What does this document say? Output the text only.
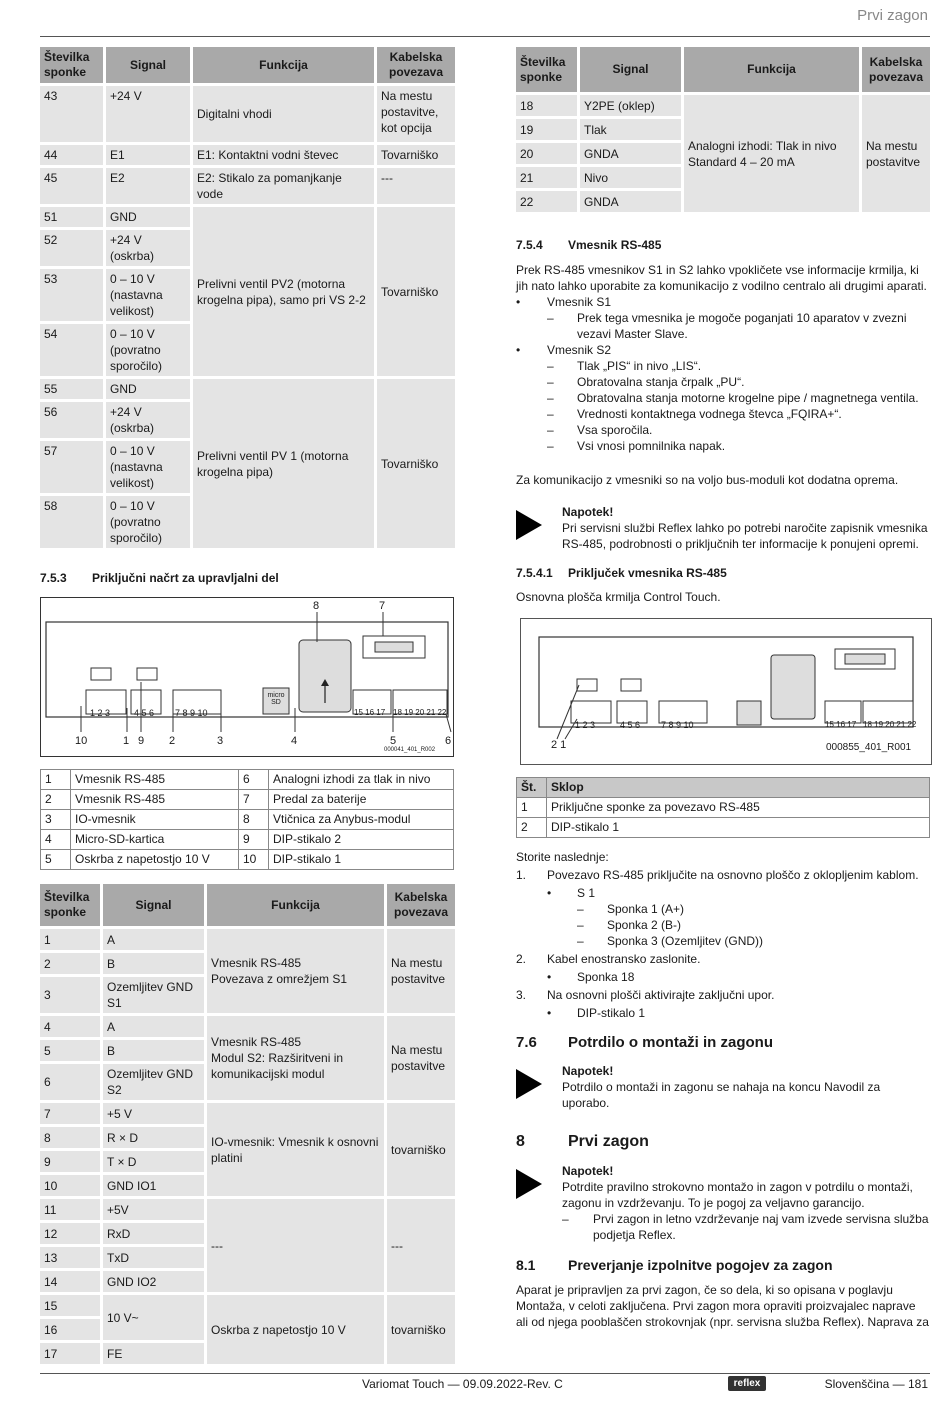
Prvi zagon
Številka sponke	Signal	Funkcija	Kabelska povezava
43	+24 V	Digitalni vhodi	Na mestu postavitve, kot opcija
44	E1	E1: Kontaktni vodni števec	Tovarniško
45	E2	E2: Stikalo za pomanjkanje vode	---
51	GND	Prelivni ventil PV2 (motorna krogelna pipa), samo pri VS 2-2	Tovarniško
52	+24 V (oskrba)		
53	0 – 10 V (nastavna velikost)		
54	0 – 10 V (povratno sporočilo)		
55	GND	Prelivni ventil PV 1 (motorna krogelna pipa)	Tovarniško
56	+24 V (oskrba)		
57	0 – 10 V (nastavna velikost)		
58	0 – 10 V (povratno sporočilo)		
7.5.3	Priključni načrt za upravljalni del
8	7
1 2 3	4 5 6 7 8 9 10	15 16 17 18 19 20 21 22
micro SD
10	1 9 2	3	4	5	6
000041_401_R002
1	Vmesnik RS-485	6	Analogni izhodi za tlak in nivo
2	Vmesnik RS-485	7	Predal za baterije
3	IO-vmesnik	8	Vtičnica za Anybus-modul
4	Micro-SD-kartica	9	DIP-stikalo 2
5	Oskrba z napetostjo 10 V	10	DIP-stikalo 1
Številka sponke	Signal	Funkcija	Kabelska povezava
1	A	Vmesnik RS-485
Povezava z omrežjem S1	Na mestu postavitve
2	B		
3	Ozemljitev GND S1		
4	A	Vmesnik RS-485
Modul S2: Razširitveni in komunikacijski modul	Na mestu postavitve
5	B		
6	Ozemljitev GND S2		
7	+5 V	IO-vmesnik: Vmesnik k osnovni platini	tovarniško
8	R × D		
9	T × D		
10	GND IO1		
11	+5V	---	---
12	RxD		
13	TxD		
14	GND IO2		
15	10 V~	Oskrba z napetostjo 10 V	tovarniško
16			
17	FE		
Številka sponke	Signal	Funkcija	Kabelska povezava
18	Y2PE (oklep)	Analogni izhodi: Tlak in nivo Standard 4 – 20 mA	Na mestu postavitve
19	Tlak		
20	GNDA		
21	Nivo		
22	GNDA		
7.5.4	Vmesnik RS-485

Prek RS-485 vmesnikov S1 in S2 lahko vpokličete vse informacije krmilja, ki jih nato lahko uporabite za komunikacijo z vodilno centralo ali drugimi aparati.

• Vmesnik S1
– Prek tega vmesnika je mogoče poganjati 10 aparatov v zvezni vezavi Master Slave.
• Vmesnik S2
– Tlak „PIS“ in nivo „LIS“.
– Obratovalna stanja črpalk „PU“.
– Obratovalna stanja motorne krogelne pipe / magnetnega ventila.
– Vrednosti kontaktnega vodnega števca „FQIRA+“.
– Vsa sporočila.
– Vsi vnosi pomnilnika napak.

Za komunikacijo z vmesniki so na voljo bus-moduli kot dodatna oprema.

Napotek!

Pri servisni službi Reflex lahko po potrebi naročite zapisnik vmesnika RS-485, podrobnosti o priključnih ter informacije k ponujeni opremi.

7.5.4.1	Priključek vmesnika RS-485

Osnovna plošča krmilja Control Touch.

2 1
1 2 3	4 5 6 7 8 9 10	15 16 17 18 19 20 21 22
000855_401_R001
Št.	Sklop
1	Priključne sponke za povezavo RS-485
2	DIP-stikalo 1

Storite naslednje:

1. Povezavo RS-485 priključite na osnovno ploščo z oklopljenim kablom.
• S 1
– Sponka 1 (A+)
– Sponka 2 (B-)
– Sponka 3 (Ozemljitev (GND))
2. Kabel enostransko zaslonite.
• Sponka 18
3. Na osnovni plošči aktivirajte zaključni upor.
• DIP-stikalo 1
7.6	Potrdilo o montaži in zagonu
Napotek!

Potrdilo o montaži in zagonu se nahaja na koncu Navodil za uporabo.

8	Prvi zagon
Napotek!

Potrdite pravilno strokovno montažo in zagon v potrdilu o montaži, zagonu in vzdrževanju. To je pogoj za veljavno garancijo.

– Prvi zagon in letno vzdrževanje naj vam izvede servisna služba podjetja Reflex.
8.1	Preverjanje izpolnitve pogojev za zagon

Aparat je pripravljen za prvi zagon, če so dela, ki so opisana v poglavju Montaža, v celoti zaključena. Prvi zagon mora opraviti proizvajalec naprave ali od njega pooblaščen strokovnjak (npr. servisna služba Reflex). Naprava za

Variomat Touch — 09.09.2022-Rev. C	reflex	Slovenščina — 181
